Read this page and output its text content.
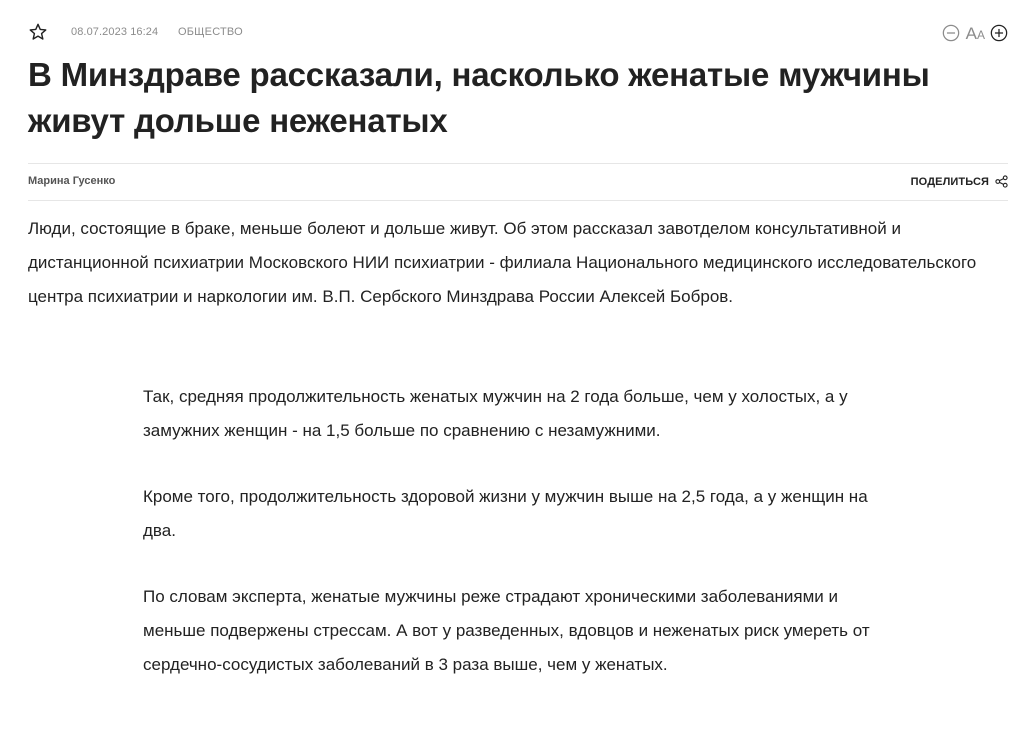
08.07.2023 16:24 ОБЩЕСТВО	AA
В Минздраве рассказали, насколько женатые мужчины живут дольше неженатых
Марина Гусенко	ПОДЕЛИТЬСЯ

Люди, состоящие в браке, меньше болеют и дольше живут. Об этом рассказал завотделом консультативной и дистанционной психиатрии Московского НИИ психиатрии - филиала Национального медицинского исследовательского центра психиатрии и наркологии им. В.П. Сербского Минздрава России Алексей Бобров.

Так, средняя продолжительность женатых мужчин на 2 года больше, чем у холостых, а у замужних женщин - на 1,5 больше по сравнению с незамужними.

Кроме того, продолжительность здоровой жизни у мужчин выше на 2,5 года, а у женщин на два.

По словам эксперта, женатые мужчины реже страдают хроническими заболеваниями и меньше подвержены стрессам. А вот у разведенных, вдовцов и неженатых риск умереть от сердечно-сосудистых заболеваний в 3 раза выше, чем у женатых.
